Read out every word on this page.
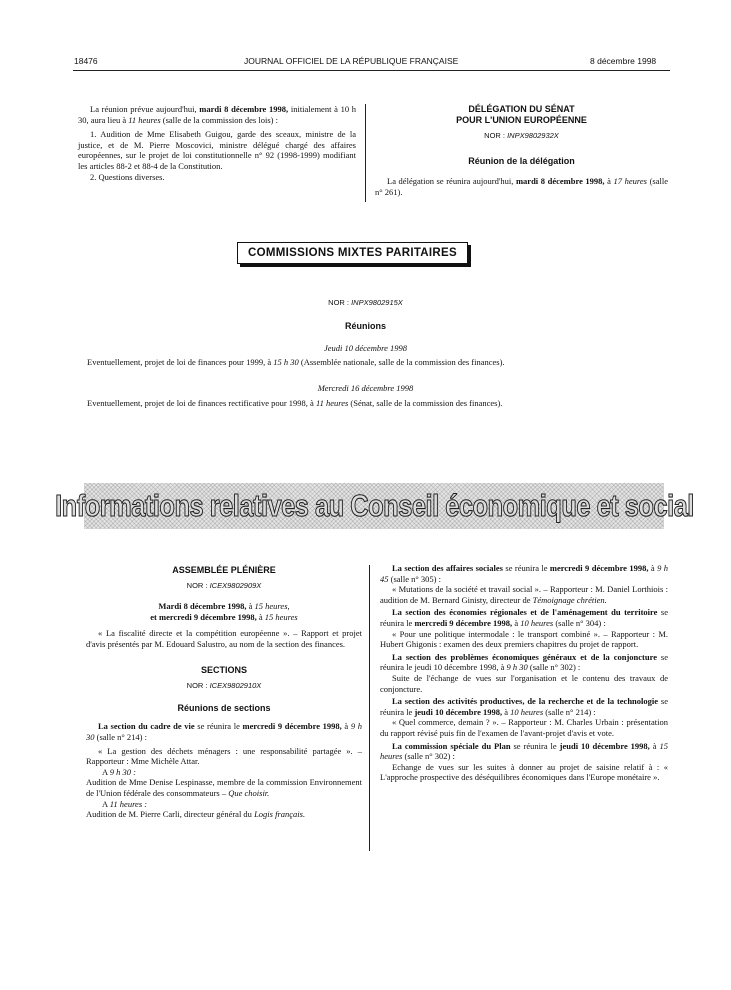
18476	JOURNAL OFFICIEL DE LA RÉPUBLIQUE FRANÇAISE	8 décembre 1998

La réunion prévue aujourd'hui, mardi 8 décembre 1998, initialement à 10 h 30, aura lieu à 11 heures (salle de la commission des lois) :

1. Audition de Mme Elisabeth Guigou, garde des sceaux, ministre de la justice, et de M. Pierre Moscovici, ministre délégué chargé des affaires européennes, sur le projet de loi constitutionnelle n° 92 (1998-1999) modifiant les articles 88-2 et 88-4 de la Constitution.

2. Questions diverses.

DÉLÉGATION DU SÉNAT
POUR L'UNION EUROPÉENNE
NOR : INPX9802932X
Réunion de la délégation

La délégation se réunira aujourd'hui, mardi 8 décembre 1998, à 17 heures (salle n° 261).

COMMISSIONS MIXTES PARITAIRES
NOR : INPX9802915X
Réunions
Jeudi 10 décembre 1998
Eventuellement, projet de loi de finances pour 1999, à 15 h 30 (Assemblée nationale, salle de la commission des finances).
Mercredi 16 décembre 1998
Eventuellement, projet de loi de finances rectificative pour 1998, à 11 heures (Sénat, salle de la commission des finances).
Informations relatives au Conseil économique et social
ASSEMBLÉE PLÉNIÈRE
NOR : ICEX9802909X
Mardi 8 décembre 1998, à 15 heures,
et mercredi 9 décembre 1998, à 15 heures

« La fiscalité directe et la compétition européenne ». – Rapport et projet d'avis présentés par M. Edouard Salustro, au nom de la section des finances.

SECTIONS
NOR : ICEX9802910X
Réunions de sections

La section du cadre de vie se réunira le mercredi 9 décembre 1998, à 9 h 30 (salle n° 214) :

« La gestion des déchets ménagers : une responsabilité partagée ». – Rapporteur : Mme Michèle Attar.

A 9 h 30 :

Audition de Mme Denise Lespinasse, membre de la commission Environnement de l'Union fédérale des consommateurs – Que choisir.

A 11 heures :

Audition de M. Pierre Carli, directeur général du Logis français.

La section des affaires sociales se réunira le mercredi 9 décembre 1998, à 9 h 45 (salle n° 305) :

« Mutations de la société et travail social ». – Rapporteur : M. Daniel Lorthiois : audition de M. Bernard Ginisty, directeur de Témoignage chrétien.

La section des économies régionales et de l'aménagement du territoire se réunira le mercredi 9 décembre 1998, à 10 heures (salle n° 304) :

« Pour une politique intermodale : le transport combiné ». – Rapporteur : M. Hubert Ghigonis : examen des deux premiers chapitres du projet de rapport.

La section des problèmes économiques généraux et de la conjoncture se réunira le jeudi 10 décembre 1998, à 9 h 30 (salle n° 302) :

Suite de l'échange de vues sur l'organisation et le contenu des travaux de conjoncture.

La section des activités productives, de la recherche et de la technologie se réunira le jeudi 10 décembre 1998, à 10 heures (salle n° 214) :

« Quel commerce, demain ? ». – Rapporteur : M. Charles Urbain : présentation du rapport révisé puis fin de l'examen de l'avant-projet d'avis et vote.

La commission spéciale du Plan se réunira le jeudi 10 décembre 1998, à 15 heures (salle n° 302) :

Echange de vues sur les suites à donner au projet de saisine relatif à : « L'approche prospective des déséquilibres économiques dans l'Europe monétaire ».
